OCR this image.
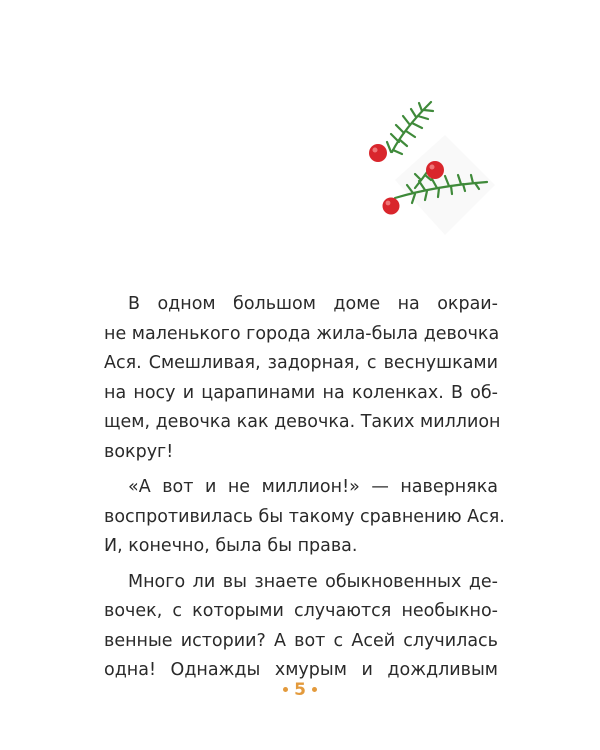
В одном большом доме на окраи-
не маленького города жила-была девочка
Ася. Смешливая, задорная, с веснушками
на носу и царапинами на коленках. В об-
щем, девочка как девочка. Таких миллион
вокруг!

«А вот и не миллион!» — наверняка
воспротивилась бы такому сравнению Ася.
И, конечно, была бы права.

Много ли вы знаете обыкновенных де-
вочек, с которыми случаются необыкно-
венные истории? А вот с Асей случилась
одна! Однажды хмурым и дождливым

5
